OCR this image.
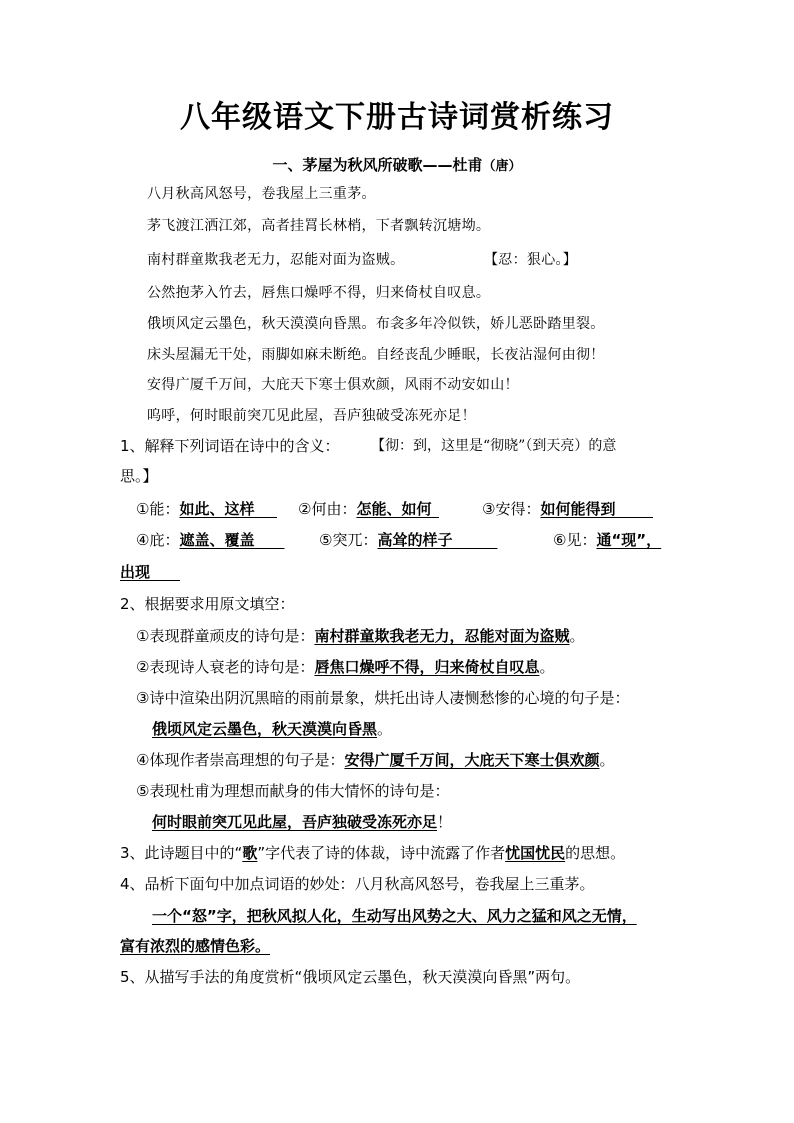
八年级语文下册古诗词赏析练习
一、茅屋为秋风所破歌——杜甫（唐）
八月秋高风怒号，卷我屋上三重茅。
茅飞渡江洒江郊，高者挂罥长林梢，下者飘转沉塘坳。
南村群童欺我老无力，忍能对面为盗贼。	【忍：狠心。】
公然抱茅入竹去，唇焦口燥呼不得，归来倚杖自叹息。
俄顷风定云墨色，秋天漠漠向昏黑。布衾多年冷似铁，娇儿恶卧踏里裂。
床头屋漏无干处，雨脚如麻未断绝。自经丧乱少睡眠，长夜沾湿何由彻！
安得广厦千万间，大庇天下寒士俱欢颜，风雨不动安如山！
呜呼，何时眼前突兀见此屋，吾庐独破受冻死亦足！
1、解释下列词语在诗中的含义： 【彻：到，这里是“彻晓”（到天亮）的意
思。】
①能：如此、这样  	②何由：怎能、如何 	③安得：如何能得到   
④庇：遮盖、覆盖  	⑤突兀：高耸的样子   	⑥见：通“现”，
出现  
2、根据要求用原文填空：
①表现群童顽皮的诗句是：南村群童欺我老无力，忍能对面为盗贼。
②表现诗人衰老的诗句是：唇焦口燥呼不得，归来倚杖自叹息。
③诗中渲染出阴沉黑暗的雨前景象，烘托出诗人凄恻愁惨的心境的句子是：
俄顷风定云墨色，秋天漠漠向昏黑。
④体现作者崇高理想的句子是：安得广厦千万间，大庇天下寒士俱欢颜。
⑤表现杜甫为理想而献身的伟大情怀的诗句是：
何时眼前突兀见此屋，吾庐独破受冻死亦足！
3、此诗题目中的“歌”字代表了诗的体裁，诗中流露了作者忧国忧民的思想。
4、品析下面句中加点词语的妙处：八月秋高风怒号，卷我屋上三重茅。
一个“怒”字，把秋风拟人化，生动写出风势之大、风力之猛和风之无情，
富有浓烈的感情色彩。
5、从描写手法的角度赏析“俄顷风定云墨色，秋天漠漠向昏黑”两句。
